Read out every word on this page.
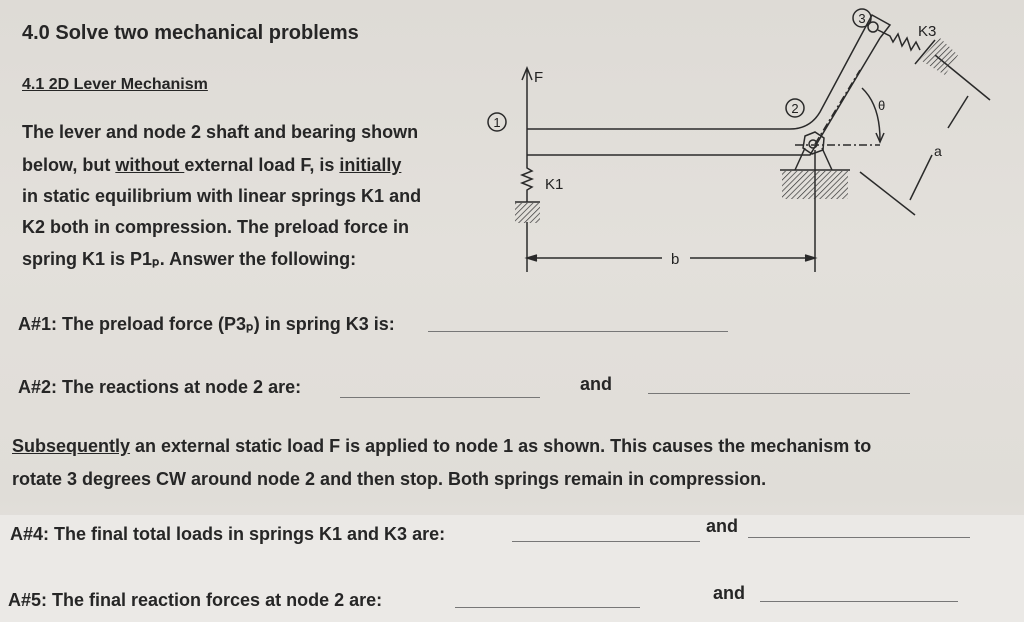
4.0 Solve two mechanical problems
4.1 2D Lever Mechanism
The lever and node 2 shaft and bearing shown
below, but without external load F, is initially
in static equilibrium with linear springs K1 and
K2 both in compression. The preload force in
spring K1 is P1ₚ. Answer the following:
A#1: The preload force (P3ₚ) in spring K3 is:
A#2: The reactions at node 2 are:	and
Subsequently an external static load F is applied to node 1 as shown. This causes the mechanism to
rotate 3 degrees CW around node 2 and then stop. Both springs remain in compression.
A#4: The final total loads in springs K1 and K3 are:	and
A#5: The final reaction forces at node 2 are:	and
1
2
3
F
K1
K3
θ
a
b
